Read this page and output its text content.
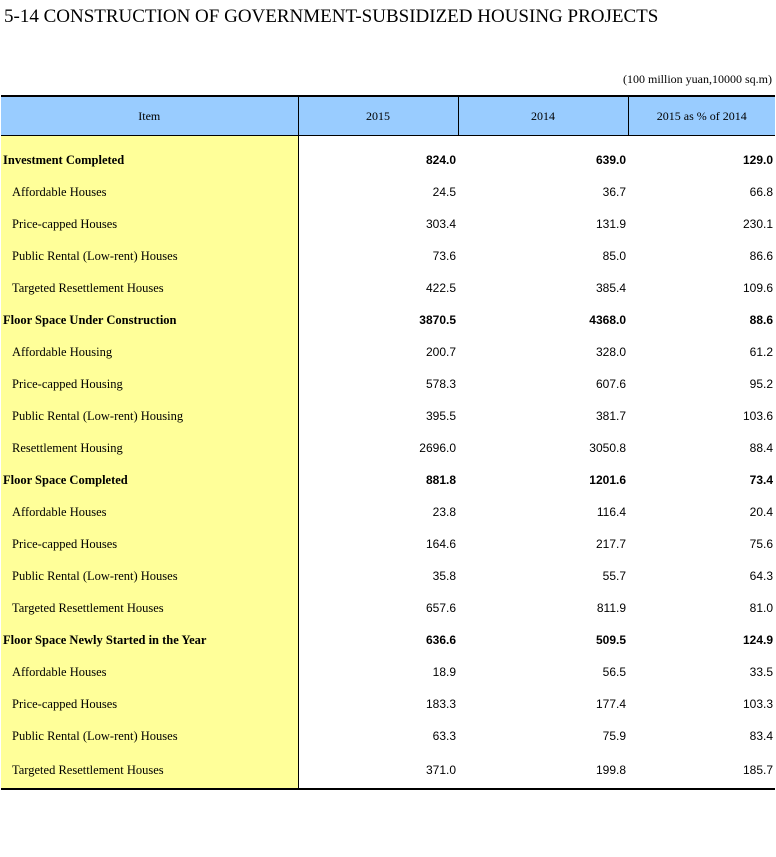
5-14 CONSTRUCTION OF GOVERNMENT-SUBSIDIZED HOUSING PROJECTS
(100 million yuan,10000 sq.m)
Item	2015	2014	2015 as % of 2014

Investment Completed	824.0	639.0	129.0
Affordable Houses	24.5	36.7	66.8
Price-capped Houses	303.4	131.9	230.1
Public Rental (Low-rent) Houses	73.6	85.0	86.6
Targeted Resettlement Houses	422.5	385.4	109.6
Floor Space Under Construction	3870.5	4368.0	88.6
Affordable Housing	200.7	328.0	61.2
Price-capped Housing	578.3	607.6	95.2
Public Rental (Low-rent) Housing	395.5	381.7	103.6
Resettlement Housing	2696.0	3050.8	88.4
Floor Space Completed	881.8	1201.6	73.4
Affordable Houses	23.8	116.4	20.4
Price-capped Houses	164.6	217.7	75.6
Public Rental (Low-rent) Houses	35.8	55.7	64.3
Targeted Resettlement Houses	657.6	811.9	81.0
Floor Space Newly Started in the Year	636.6	509.5	124.9
Affordable Houses	18.9	56.5	33.5
Price-capped Houses	183.3	177.4	103.3
Public Rental (Low-rent) Houses	63.3	75.9	83.4
Targeted Resettlement Houses	371.0	199.8	185.7
